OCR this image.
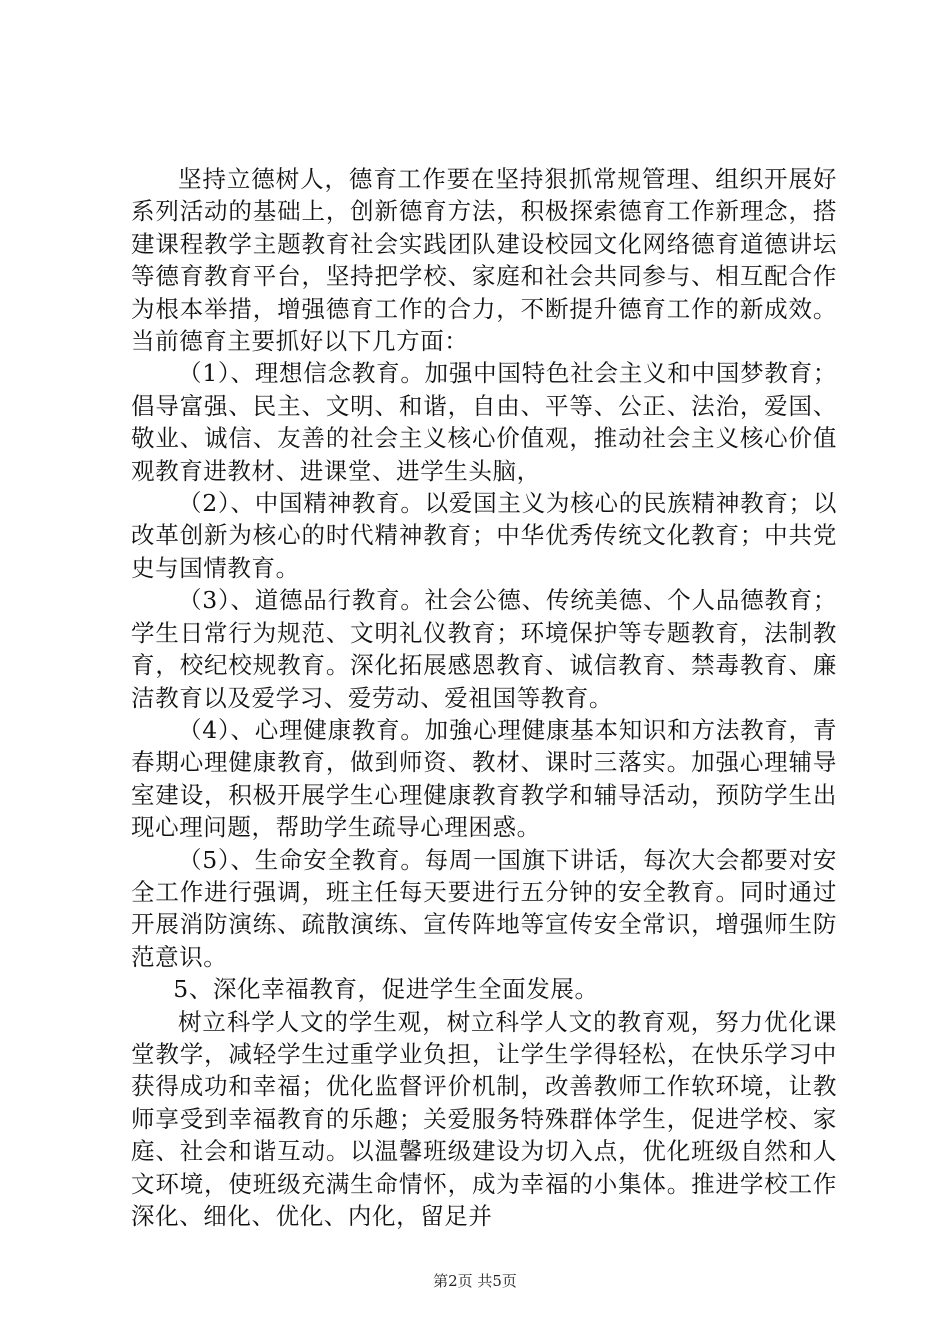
坚持立德树人，德育工作要在坚持狠抓常规管理、组织开展好系列活动的基础上，创新德育方法，积极探索德育工作新理念，搭建课程教学主题教育社会实践团队建设校园文化网络德育道德讲坛等德育教育平台，坚持把学校、家庭和社会共同参与、相互配合作为根本举措，增强德育工作的合力，不断提升德育工作的新成效。当前德育主要抓好以下几方面：

（1）、理想信念教育。加强中国特色社会主义和中国梦教育；倡导富强、民主、文明、和谐，自由、平等、公正、法治，爱国、敬业、诚信、友善的社会主义核心价值观，推动社会主义核心价值观教育进教材、进课堂、进学生头脑，

（2）、中国精神教育。以爱国主义为核心的民族精神教育；以改革创新为核心的时代精神教育；中华优秀传统文化教育；中共党史与国情教育。

（3）、道德品行教育。社会公德、传统美德、个人品德教育；学生日常行为规范、文明礼仪教育；环境保护等专题教育，法制教育，校纪校规教育。深化拓展感恩教育、诚信教育、禁毒教育、廉洁教育以及爱学习、爱劳动、爱祖国等教育。

（4）、心理健康教育。加強心理健康基本知识和方法教育，青春期心理健康教育，做到师资、教材、课时三落实。加强心理辅导室建设，积极开展学生心理健康教育教学和辅导活动，预防学生出现心理问题，帮助学生疏导心理困惑。

（5）、生命安全教育。每周一国旗下讲话，每次大会都要对安全工作进行强调，班主任每天要进行五分钟的安全教育。同时通过开展消防演练、疏散演练、宣传阵地等宣传安全常识，增强师生防范意识。

5、深化幸福教育，促进学生全面发展。

树立科学人文的学生观，树立科学人文的教育观，努力优化课堂教学，减轻学生过重学业负担，让学生学得轻松，在快乐学习中获得成功和幸福；优化监督评价机制，改善教师工作软环境，让教师享受到幸福教育的乐趣；关爱服务特殊群体学生，促进学校、家庭、社会和谐互动。以温馨班级建设为切入点，优化班级自然和人文环境，使班级充满生命情怀，成为幸福的小集体。推进学校工作深化、细化、优化、内化，留足并

第2页 共5页
